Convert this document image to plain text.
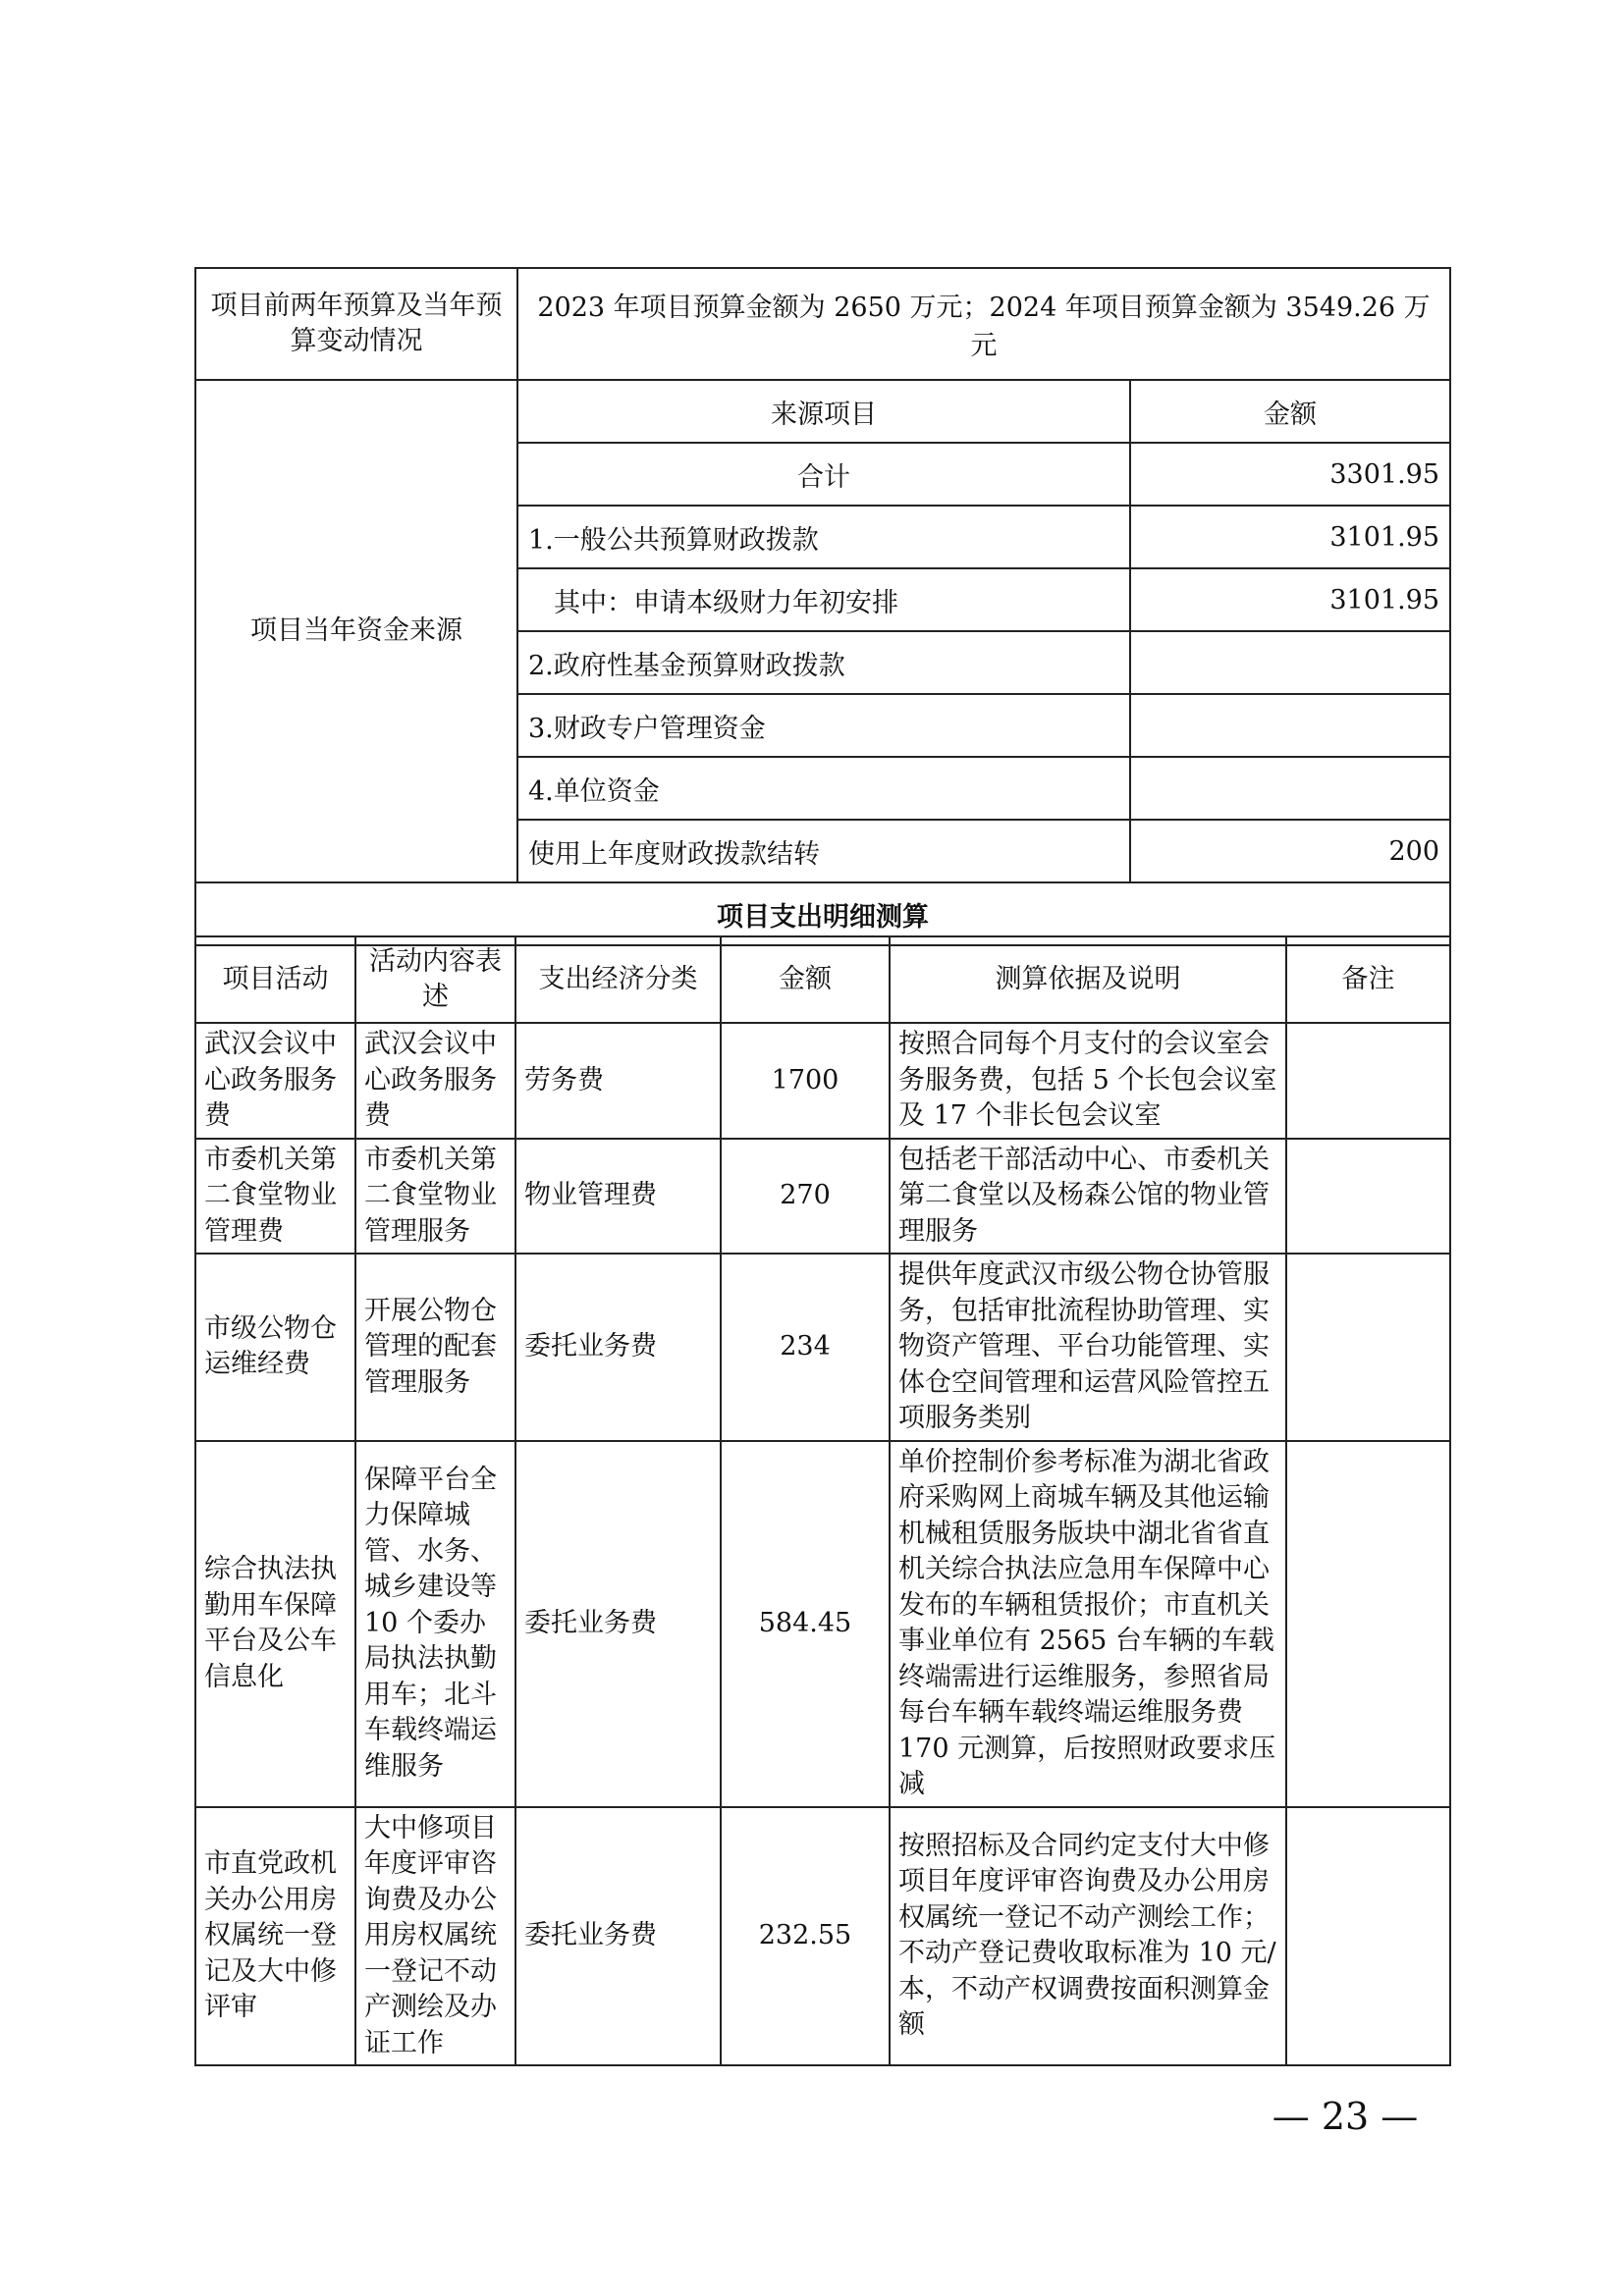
项目前两年预算及当年预算变动情况	2023 年项目预算金额为 2650 万元；2024 年项目预算金额为 3549.26 万元	
项目当年资金来源	来源项目	金额
	合计	3301.95
	1.一般公共预算财政拨款	3101.95
	其中：申请本级财力年初安排	3101.95
	2.政府性基金预算财政拨款	
	3.财政专户管理资金	
	4.单位资金	
	使用上年度财政拨款结转	200
项目支出明细测算		
项目活动	活动内容表述	支出经济分类	金额	测算依据及说明	备注
武汉会议中心政务服务费	武汉会议中心政务服务费	劳务费	1700	按照合同每个月支付的会议室会务服务费，包括 5 个长包会议室及 17 个非长包会议室	
市委机关第二食堂物业管理费	市委机关第二食堂物业管理服务	物业管理费	270	包括老干部活动中心、市委机关第二食堂以及杨森公馆的物业管理服务	
市级公物仓运维经费	开展公物仓管理的配套管理服务	委托业务费	234	提供年度武汉市级公物仓协管服务，包括审批流程协助管理、实物资产管理、平台功能管理、实体仓空间管理和运营风险管控五项服务类别	
综合执法执勤用车保障平台及公车信息化	保障平台全力保障城管、水务、城乡建设等 10 个委办局执法执勤用车；北斗车载终端运维服务	委托业务费	584.45	单价控制价参考标准为湖北省政府采购网上商城车辆及其他运输机械租赁服务版块中湖北省省直机关综合执法应急用车保障中心发布的车辆租赁报价；市直机关事业单位有 2565 台车辆的车载终端需进行运维服务，参照省局每台车辆车载终端运维服务费 170 元测算，后按照财政要求压减	
市直党政机关办公用房权属统一登记及大中修评审	大中修项目年度评审咨询费及办公用房权属统一登记不动产测绘及办证工作	委托业务费	232.55	按照招标及合同约定支付大中修项目年度评审咨询费及办公用房权属统一登记不动产测绘工作；不动产登记费收取标准为 10 元/本，不动产权调费按面积测算金额	
— 23 —
